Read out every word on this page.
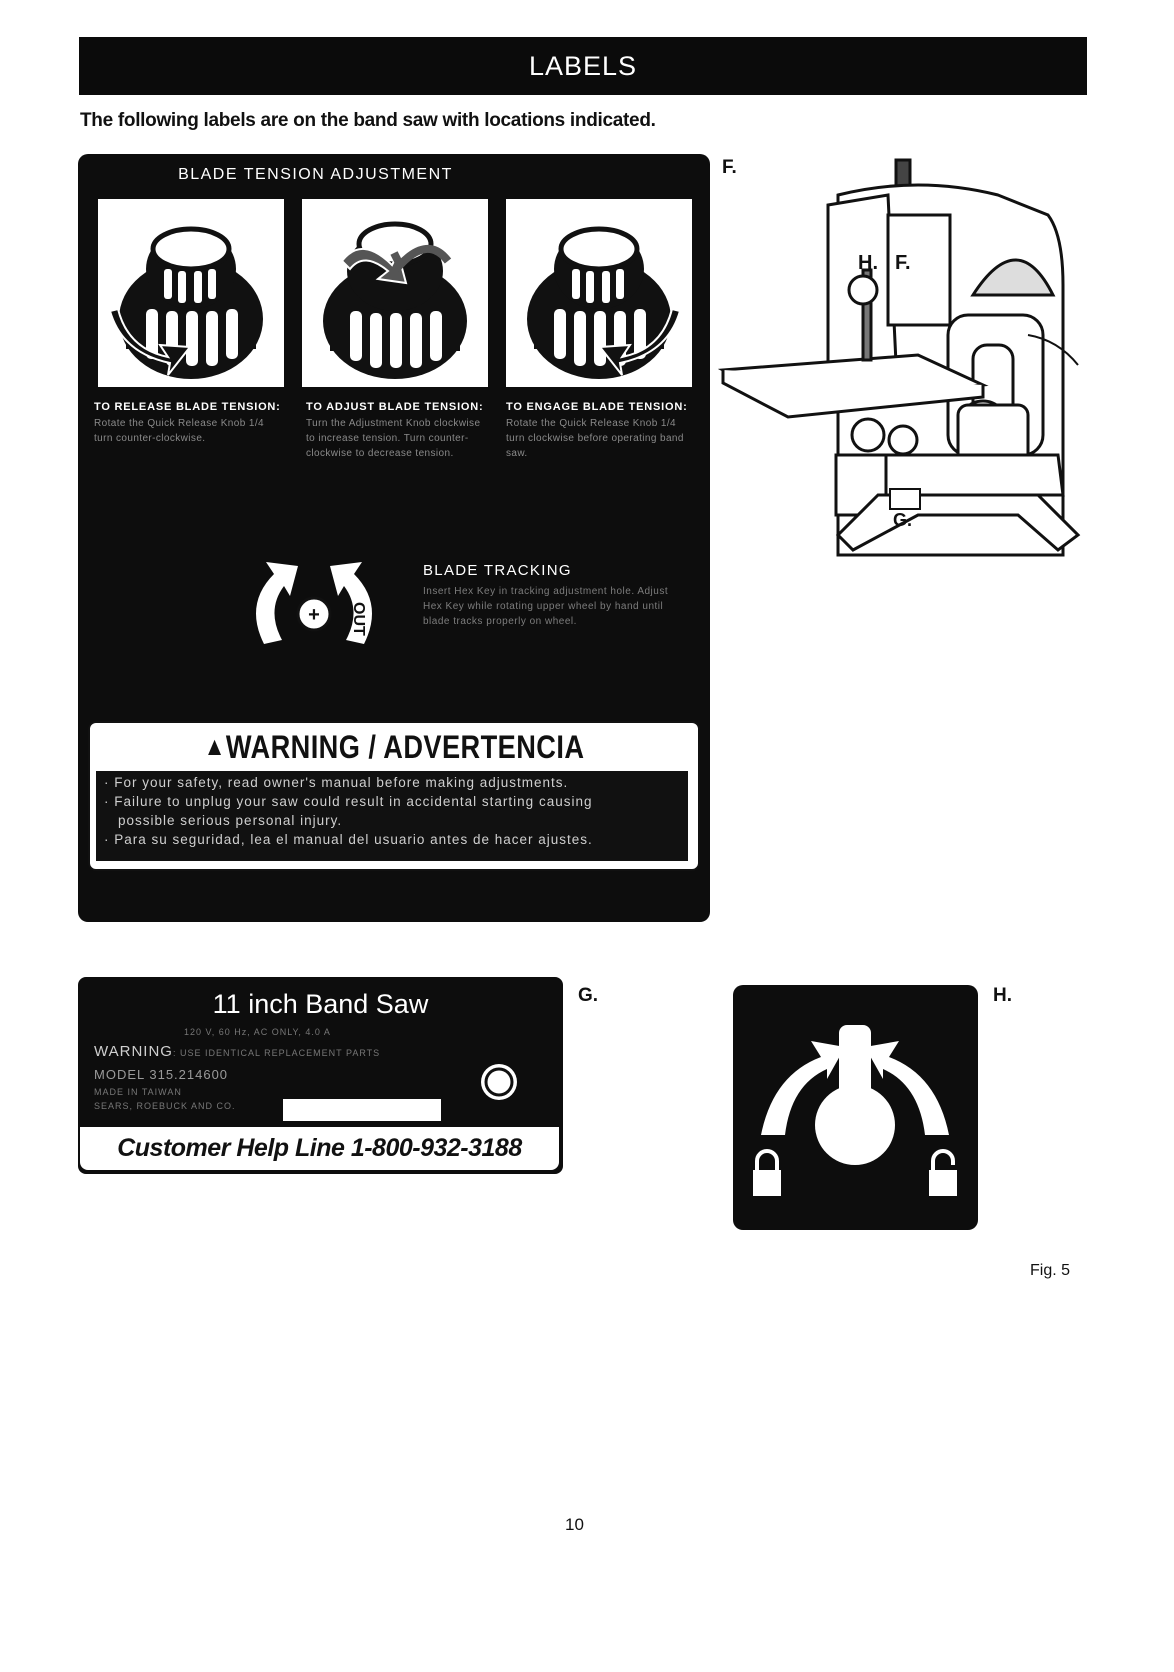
LABELS
The following labels are on the band saw with locations indicated.
BLADE TENSION ADJUSTMENT
TO RELEASE BLADE TENSION:
Rotate the Quick Release Knob 1/4 turn counter-clockwise.
TO ADJUST BLADE TENSION:
Turn the Adjustment Knob clockwise to increase tension. Turn counter-clockwise to decrease tension.
TO ENGAGE BLADE TENSION:
Rotate the Quick Release Knob 1/4 turn clockwise before operating band saw.
+ OUT
BLADE TRACKING
Insert Hex Key in tracking adjustment hole. Adjust Hex Key while rotating upper wheel by hand until blade tracks properly on wheel.
▲WARNING / ADVERTENCIA
· For your safety, read owner's manual before making adjustments.
· Failure to unplug your saw could result in accidental starting causing
possible serious personal injury.
· Para su seguridad, lea el manual del usuario antes de hacer ajustes.
F.
H. F.
G.
11 inch Band Saw
120 V, 60 Hz, AC ONLY, 4.0 A
WARNING: USE IDENTICAL REPLACEMENT PARTS
MODEL 315.214600
MADE IN TAIWAN
SEARS, ROEBUCK AND CO.
Customer Help Line 1-800-932-3188
G.	H.
Fig. 5
10
